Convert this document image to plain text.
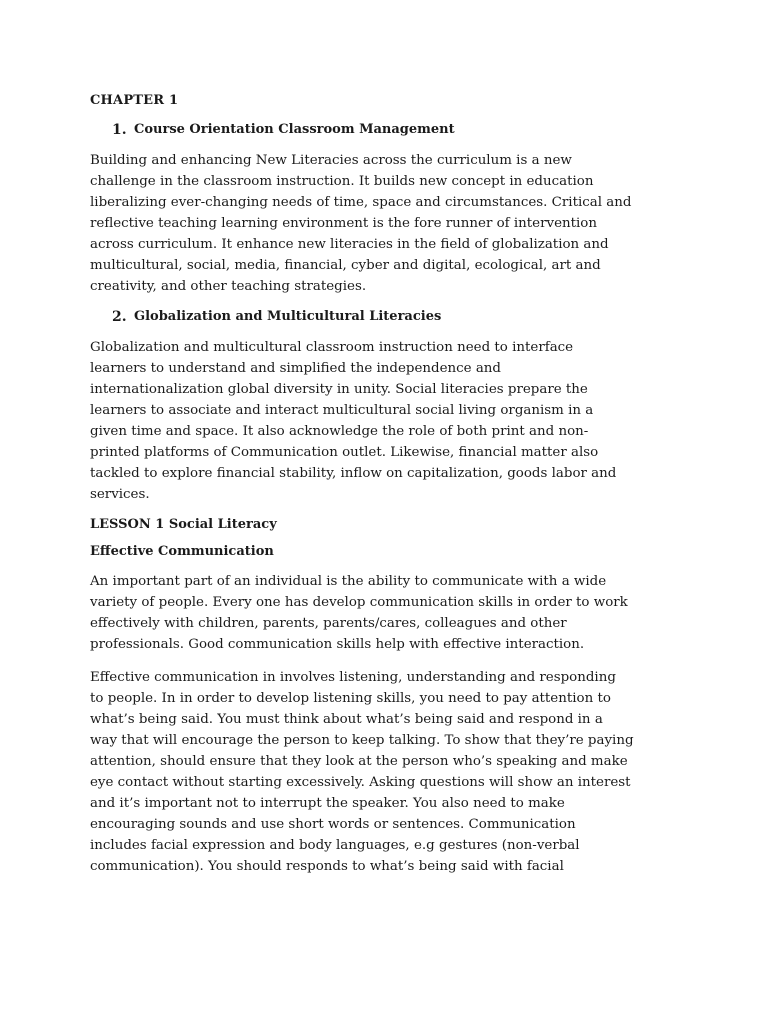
CHAPTER 1
1. Course Orientation Classroom Management
Building and enhancing New Literacies across the curriculum is a new
challenge in the classroom instruction. It builds new concept in education
liberalizing ever-changing needs of time, space and circumstances. Critical and
reflective teaching learning environment is the fore runner of intervention
across curriculum. It enhance new literacies in the field of globalization and
multicultural, social, media, financial, cyber and digital, ecological, art and
creativity, and other teaching strategies.
2. Globalization and Multicultural Literacies
Globalization and multicultural classroom instruction need to interface
learners to understand and simplified the independence and
internationalization global diversity in unity. Social literacies prepare the
learners to associate and interact multicultural social living organism in a
given time and space. It also acknowledge the role of both print and non-
printed platforms of Communication outlet. Likewise, financial matter also
tackled to explore financial stability, inflow on capitalization, goods labor and
services.
LESSON 1 Social Literacy
Effective Communication
An important part of an individual is the ability to communicate with a wide
variety of people. Every one has develop communication skills in order to work
effectively with children, parents, parents/cares, colleagues and other
professionals. Good communication skills help with effective interaction.
Effective communication in involves listening, understanding and responding
to people. In in order to develop listening skills, you need to pay attention to
what’s being said. You must think about what’s being said and respond in a
way that will encourage the person to keep talking. To show that they’re paying
attention, should ensure that they look at the person who’s speaking and make
eye contact without starting excessively. Asking questions will show an interest
and it’s important not to interrupt the speaker. You also need to make
encouraging sounds and use short words or sentences. Communication
includes facial expression and body languages, e.g gestures (non-verbal
communication). You should responds to what’s being said with facial
